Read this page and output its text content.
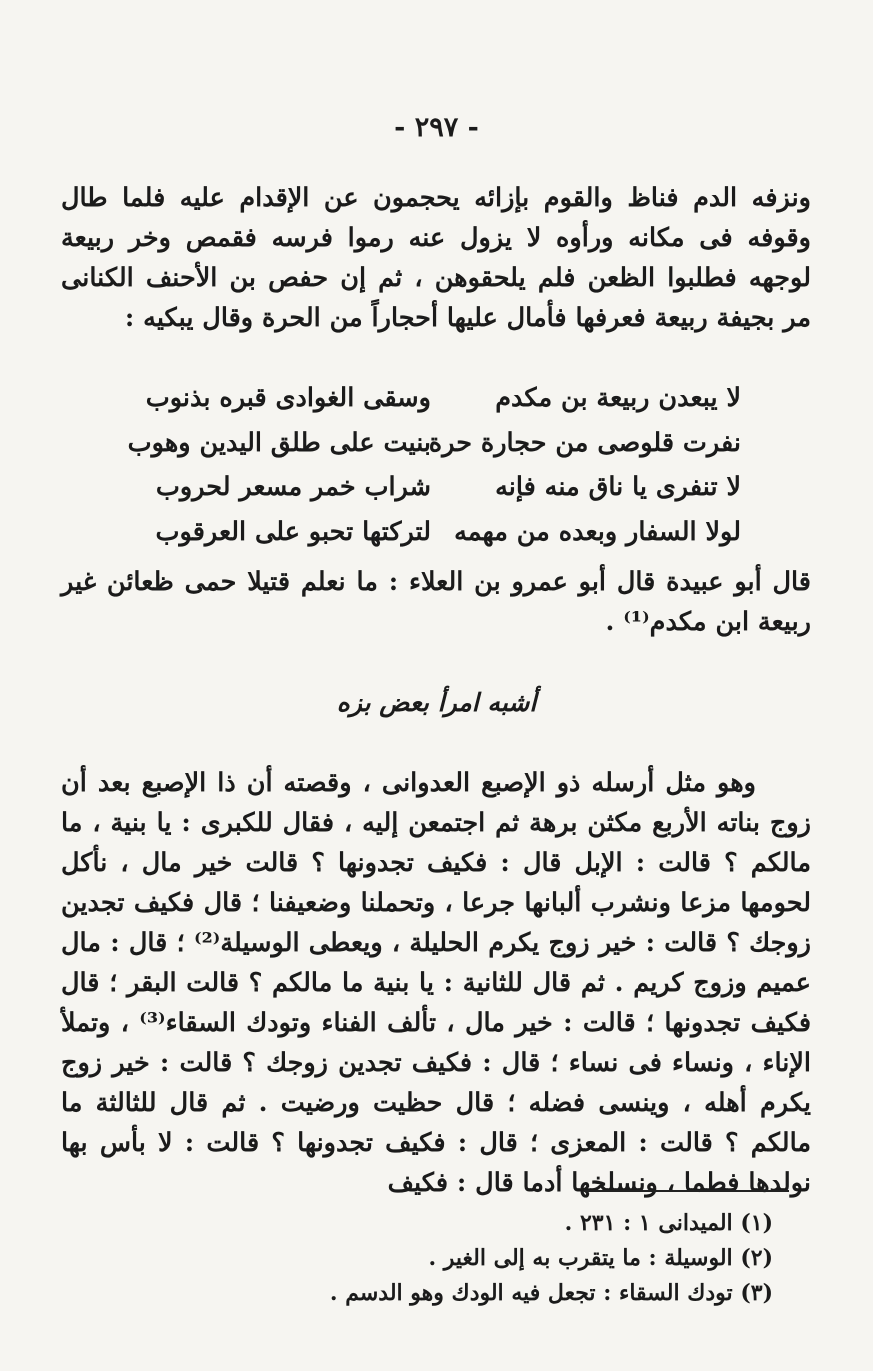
- ٢٩٧ -

ونزفه الدم فناظ والقوم بإزائه يحجمون عن الإقدام عليه فلما طال وقوفه فى مكانه ورأوه لا يزول عنه رموا فرسه فقمص وخر ربيعة لوجهه فطلبوا الظعن فلم يلحقوهن ، ثم إن حفص بن الأحنف الكنانى مر بجيفة ربيعة فعرفها فأمال عليها أحجاراً من الحرة وقال يبكيه :

لا يبعدن ربيعة بن مكدم
وسقى الغوادى قبره بذنوب
نفرت قلوصى من حجارة حرة
بنيت على طلق اليدين وهوب
لا تنفرى يا ناق منه فإنه
شراب خمر مسعر لحروب
لولا السفار وبعده من مهمه
لتركتها تحبو على العرقوب

قال أبو عبيدة قال أبو عمرو بن العلاء : ما نعلم قتيلا حمى ظعائن غير ربيعة ابن مكدم⁽¹⁾ .

أشبه امرأ بعض بزه

وهو مثل أرسله ذو الإصبع العدوانى ، وقصته أن ذا الإصبع بعد أن زوج بناته الأربع مكثن برهة ثم اجتمعن إليه ، فقال للكبرى : يا بنية ، ما مالكم ؟ قالت : الإبل قال : فكيف تجدونها ؟ قالت خير مال ، نأكل لحومها مزعا ونشرب ألبانها جرعا ، وتحملنا وضعيفنا ؛ قال فكيف تجدين زوجك ؟ قالت : خير زوج يكرم الحليلة ، ويعطى الوسيلة⁽²⁾ ؛ قال : مال عميم وزوج كريم . ثم قال للثانية : يا بنية ما مالكم ؟ قالت البقر ؛ قال فكيف تجدونها ؛ قالت : خير مال ، تألف الفناء وتودك السقاء⁽³⁾ ، وتملأ الإناء ، ونساء فى نساء ؛ قال : فكيف تجدين زوجك ؟ قالت : خير زوج يكرم أهله ، وينسى فضله ؛ قال حظيت ورضيت . ثم قال للثالثة ما مالكم ؟ قالت : المعزى ؛ قال : فكيف تجدونها ؟ قالت : لا بأس بها نولدها فطما ، ونسلخها أدما قال : فكيف

(١) الميدانى ١ : ٢٣١ .
(٢) الوسيلة : ما يتقرب به إلى الغير .
(٣) تودك السقاء : تجعل فيه الودك وهو الدسم .
